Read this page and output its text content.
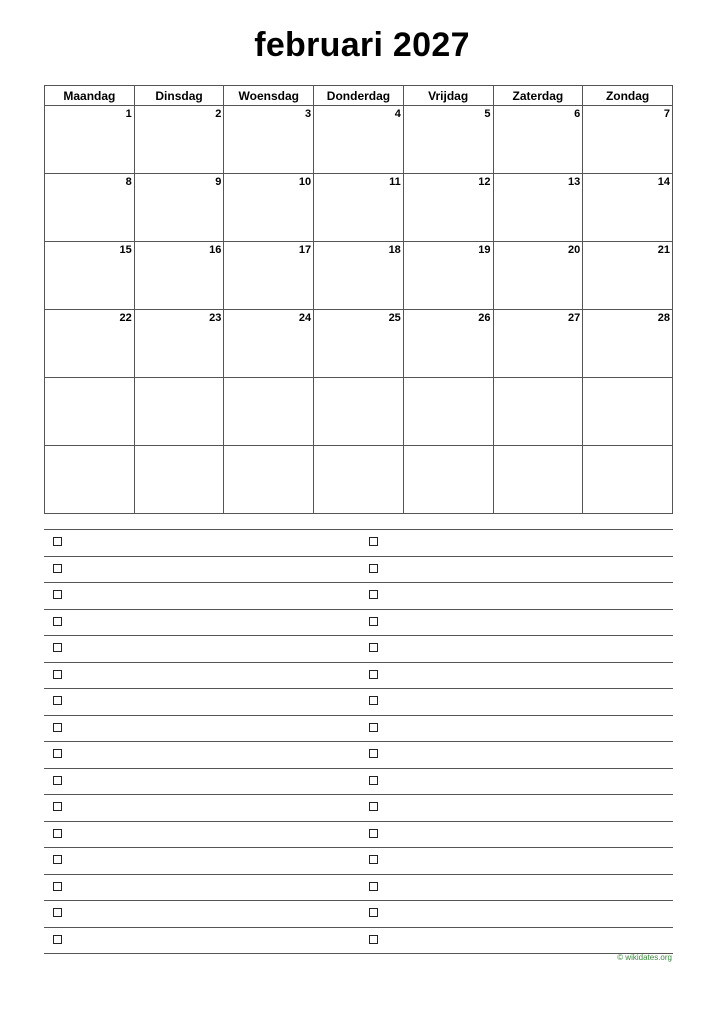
februari 2027
Maandag	Dinsdag	Woensdag	Donderdag	Vrijdag	Zaterdag	Zondag

1	2	3	4	5	6	7

8	9	10	11	12	13	14

15	16	17	18	19	20	21

22	23	24	25	26	27	28

© wikidates.org
